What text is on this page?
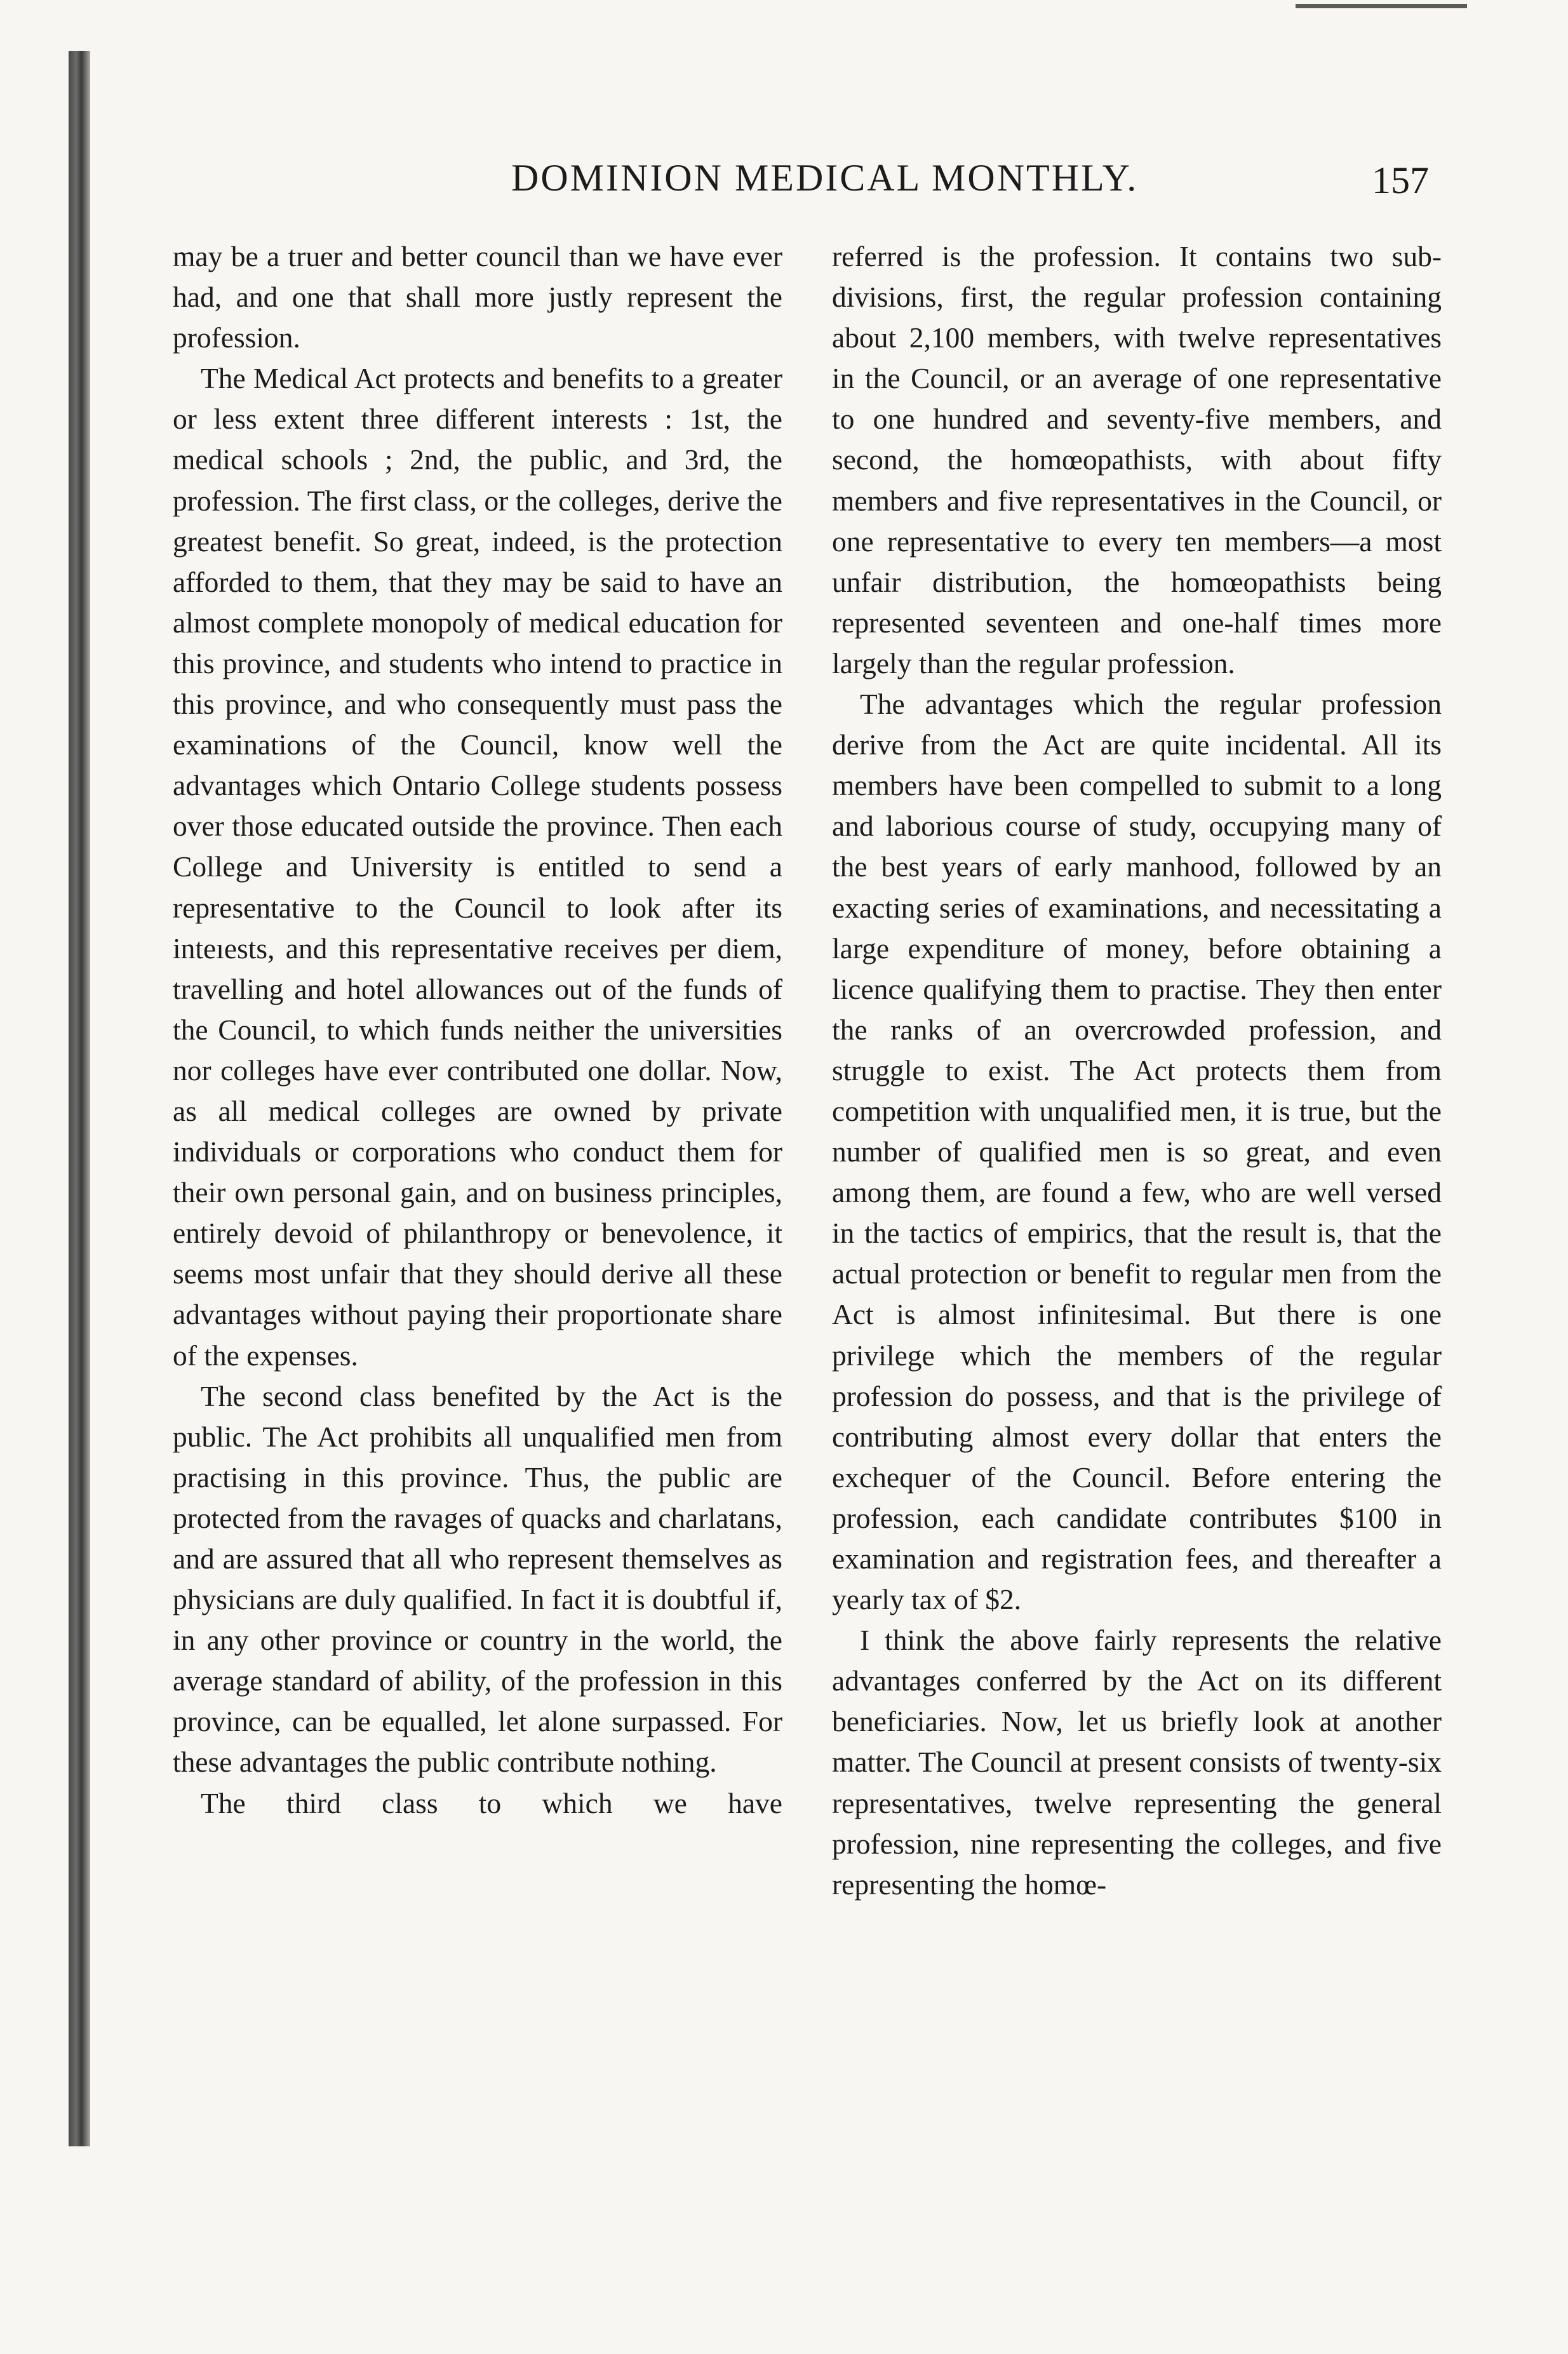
DOMINION MEDICAL MONTHLY.	157

may be a truer and better council than we have ever had, and one that shall more justly represent the profession.

The Medical Act protects and benefits to a greater or less extent three different interests : 1st, the medical schools ; 2nd, the public, and 3rd, the profession. The first class, or the colleges, derive the greatest benefit. So great, indeed, is the protection afforded to them, that they may be said to have an almost complete monopoly of medical education for this province, and students who intend to practice in this province, and who consequently must pass the examinations of the Council, know well the advantages which Ontario College students possess over those educated outside the province. Then each College and University is entitled to send a representative to the Council to look after its inteıests, and this representative receives per diem, travelling and hotel allowances out of the funds of the Council, to which funds neither the universities nor colleges have ever contributed one dollar. Now, as all medical colleges are owned by private individuals or corporations who conduct them for their own personal gain, and on business principles, entirely devoid of philanthropy or benevolence, it seems most unfair that they should derive all these advantages without paying their proportionate share of the expenses.

The second class benefited by the Act is the public. The Act prohibits all unqualified men from practising in this province. Thus, the public are protected from the ravages of quacks and charlatans, and are assured that all who represent themselves as physicians are duly qualified. In fact it is doubtful if, in any other province or country in the world, the average standard of ability, of the profession in this province, can be equalled, let alone surpassed. For these advantages the public contribute nothing.

The third class to which we have

referred is the profession. It contains two sub-divisions, first, the regular profession containing about 2,100 members, with twelve representatives in the Council, or an average of one representative to one hundred and seventy-five members, and second, the homœopathists, with about fifty members and five representatives in the Council, or one representative to every ten members—a most unfair distribution, the homœopathists being represented seventeen and one-half times more largely than the regular profession.

The advantages which the regular profession derive from the Act are quite incidental. All its members have been compelled to submit to a long and laborious course of study, occupying many of the best years of early manhood, followed by an exacting series of examinations, and necessitating a large expenditure of money, before obtaining a licence qualifying them to practise. They then enter the ranks of an overcrowded profession, and struggle to exist. The Act protects them from competition with unqualified men, it is true, but the number of qualified men is so great, and even among them, are found a few, who are well versed in the tactics of empirics, that the result is, that the actual protection or benefit to regular men from the Act is almost infinitesimal. But there is one privilege which the members of the regular profession do possess, and that is the privilege of contributing almost every dollar that enters the exchequer of the Council. Before entering the profession, each candidate contributes $100 in examination and registration fees, and thereafter a yearly tax of $2.

I think the above fairly represents the relative advantages conferred by the Act on its different beneficiaries. Now, let us briefly look at another matter. The Council at present consists of twenty-six representatives, twelve representing the general profession, nine representing the colleges, and five representing the homœ-
